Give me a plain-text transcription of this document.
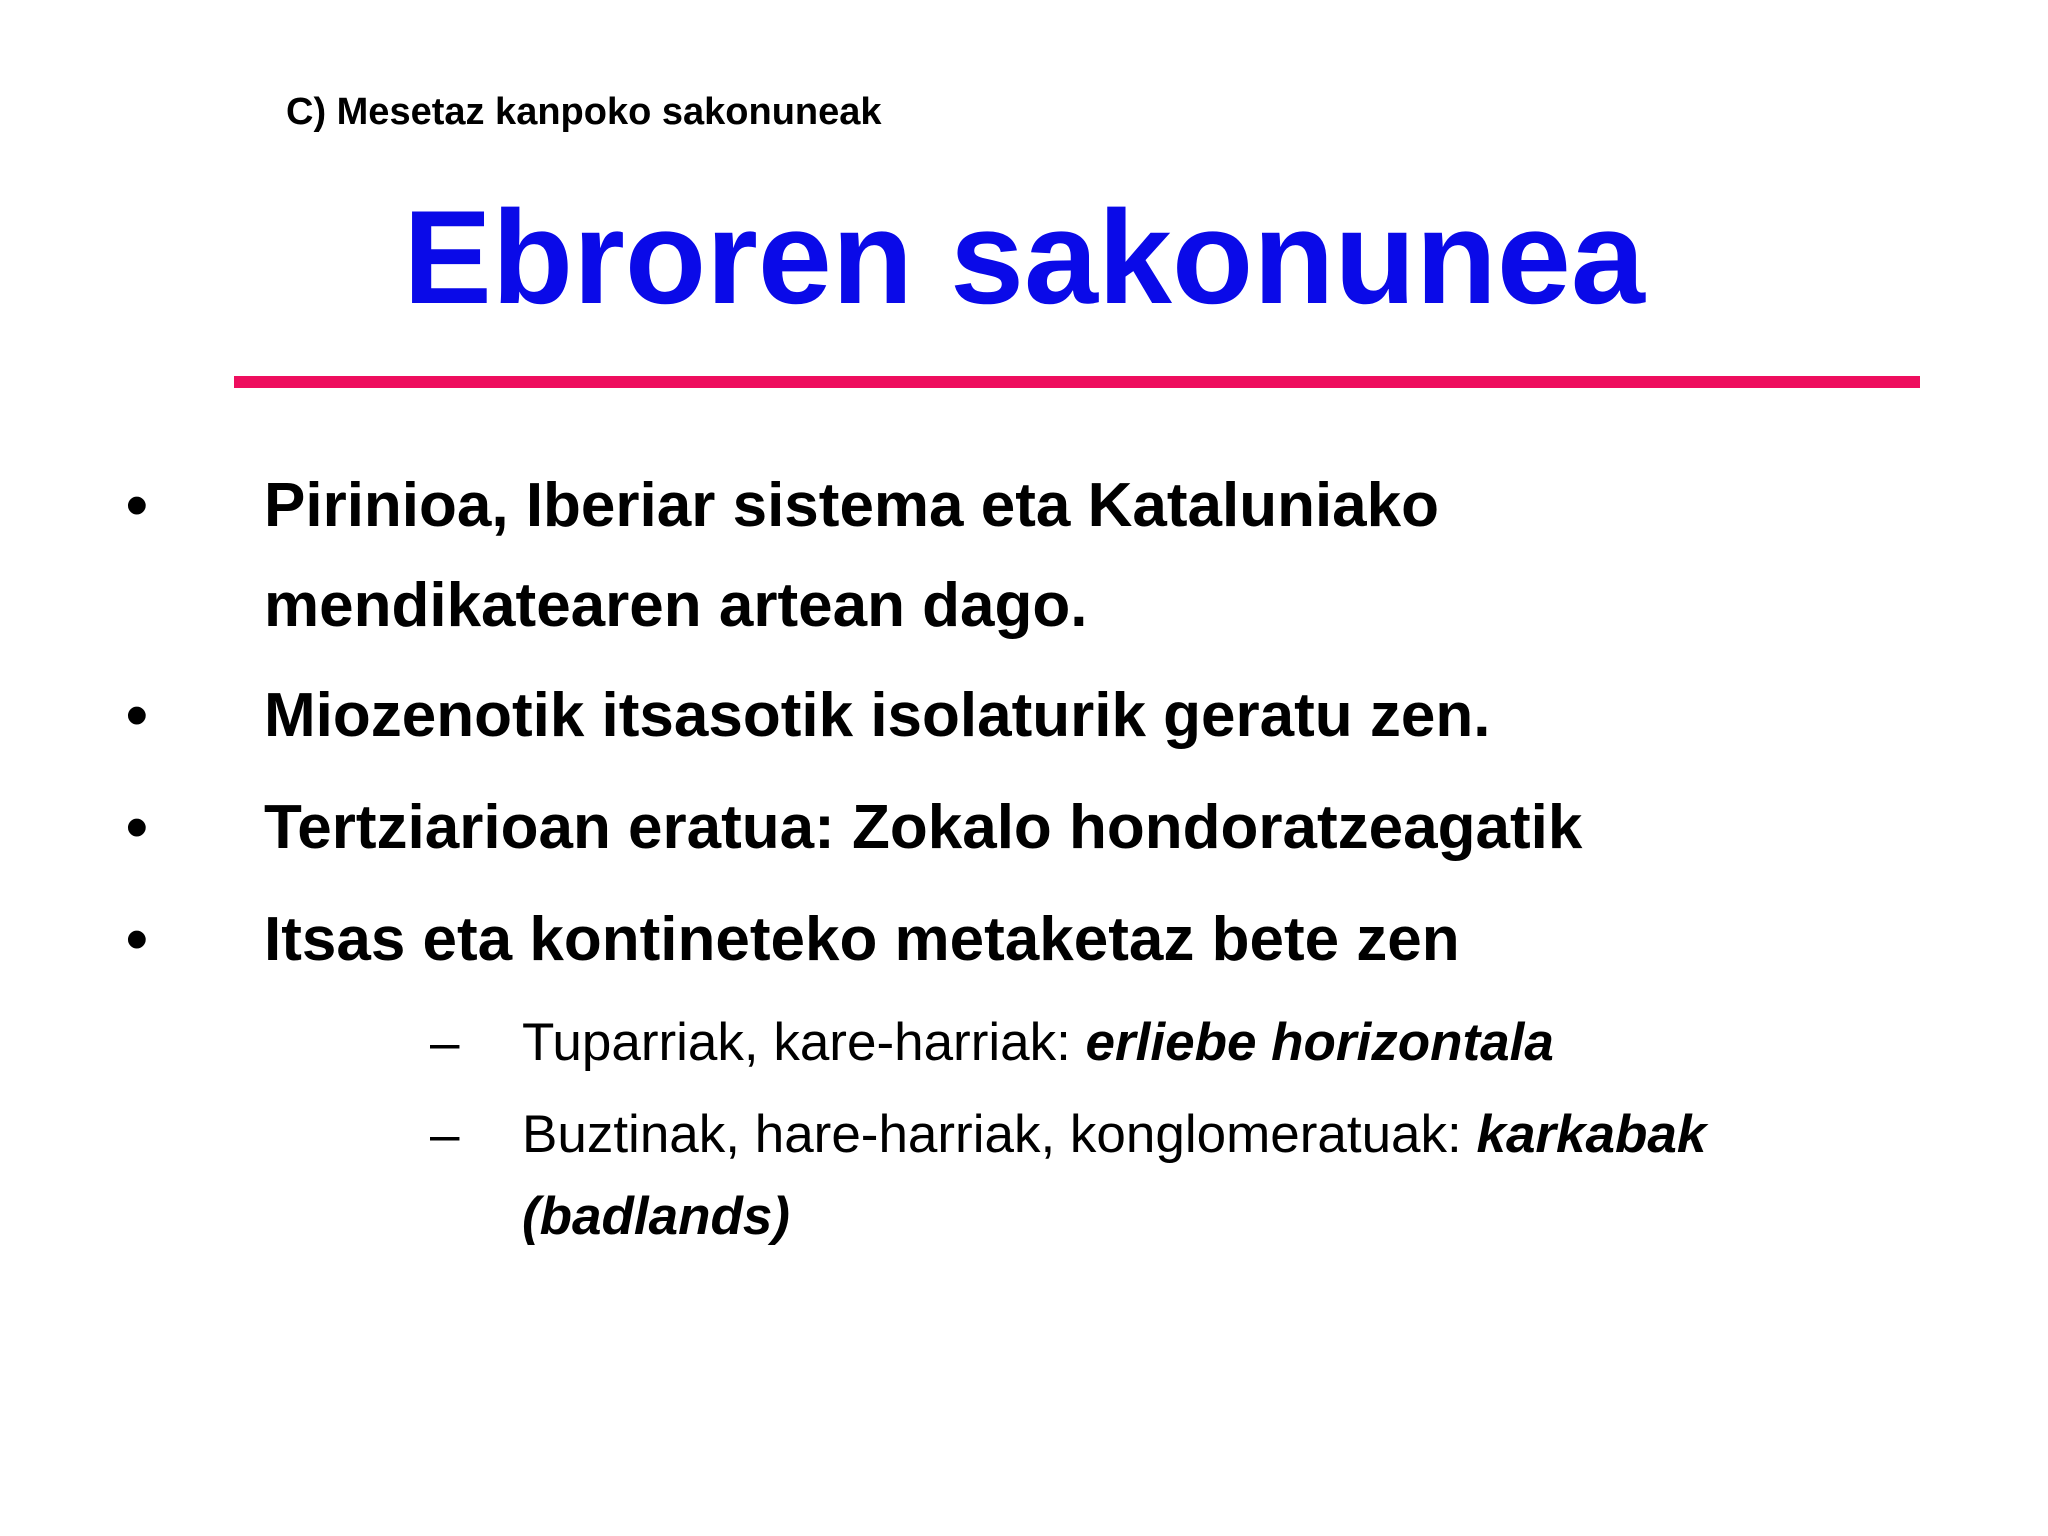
C) Mesetaz kanpoko sakonuneak
Ebroren sakonunea
• Pirinioa, Iberiar sistema eta Kataluniako
mendikatearen artean dago.
• Miozenotik itsasotik isolaturik geratu zen.
• Tertziarioan eratua: Zokalo hondoratzeagatik
• Itsas eta kontineteko metaketaz bete zen
– Tuparriak, kare-harriak: erliebe horizontala
– Buztinak, hare-harriak, konglomeratuak: karkabak
(badlands)
